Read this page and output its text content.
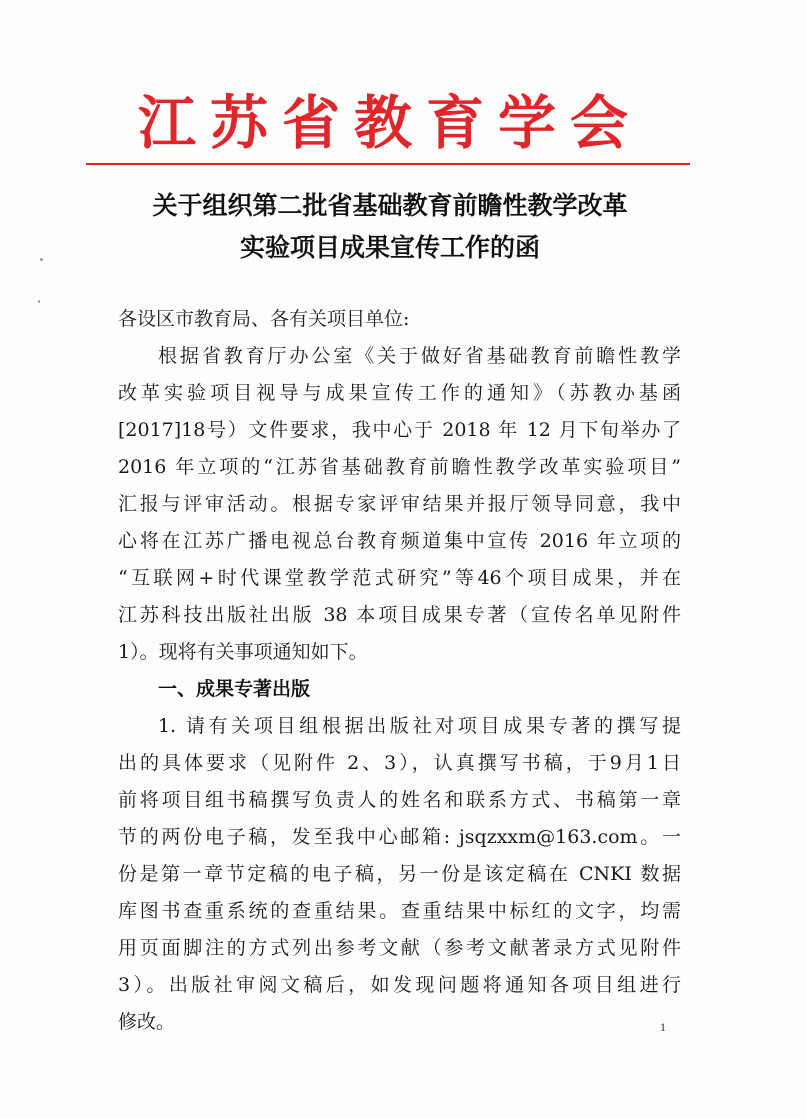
江苏省教育学会
关于组织第二批省基础教育前瞻性教学改革
实验项目成果宣传工作的函
各设区市教育局、各有关项目单位:
根据省教育厅办公室《关于做好省基础教育前瞻性教学
改革实验项目视导与成果宣传工作的通知》（苏教办基函
[2017]18号）文件要求，我中心于 2018 年 12 月下旬举办了
2016 年立项的“江苏省基础教育前瞻性教学改革实验项目”
汇报与评审活动。根据专家评审结果并报厅领导同意，我中
心将在江苏广播电视总台教育频道集中宣传 2016 年立项的
“互联网+时代课堂教学范式研究”等46个项目成果，并在
江苏科技出版社出版 38 本项目成果专著（宣传名单见附件
1）。现将有关事项通知如下。
一、成果专著出版
1. 请有关项目组根据出版社对项目成果专著的撰写提
出的具体要求（见附件 2、3），认真撰写书稿，于9月1日
前将项目组书稿撰写负责人的姓名和联系方式、书稿第一章
节的两份电子稿，发至我中心邮箱: jsqzxxm@163.com。一
份是第一章节定稿的电子稿，另一份是该定稿在 CNKI 数据
库图书查重系统的查重结果。查重结果中标红的文字，均需
用页面脚注的方式列出参考文献（参考文献著录方式见附件
3）。出版社审阅文稿后，如发现问题将通知各项目组进行
修改。	1
